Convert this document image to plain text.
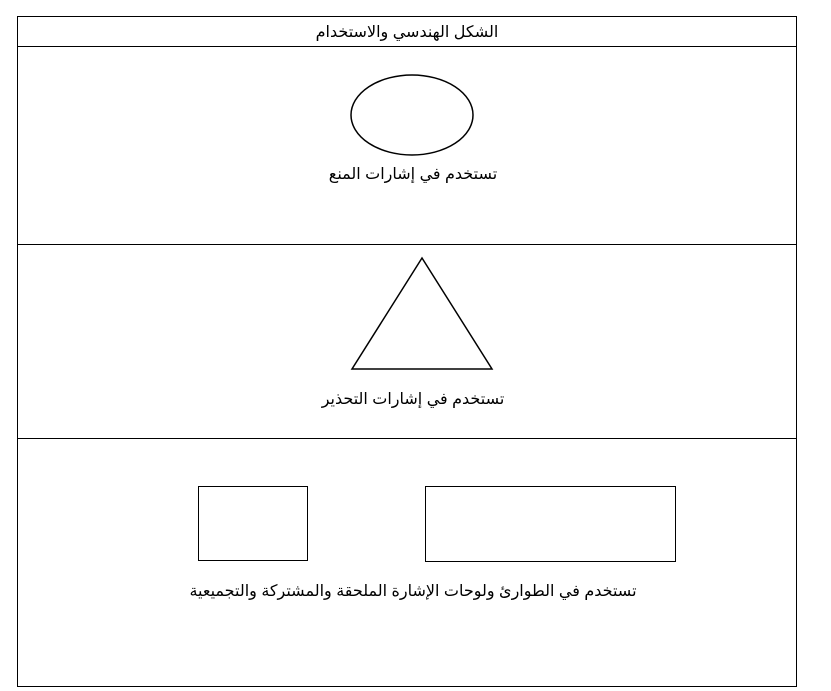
الشكل الهندسي والاستخدام
تستخدم في إشارات المنع
تستخدم في إشارات التحذير
تستخدم في الطوارئ ولوحات الإشارة الملحقة والمشتركة والتجميعية
